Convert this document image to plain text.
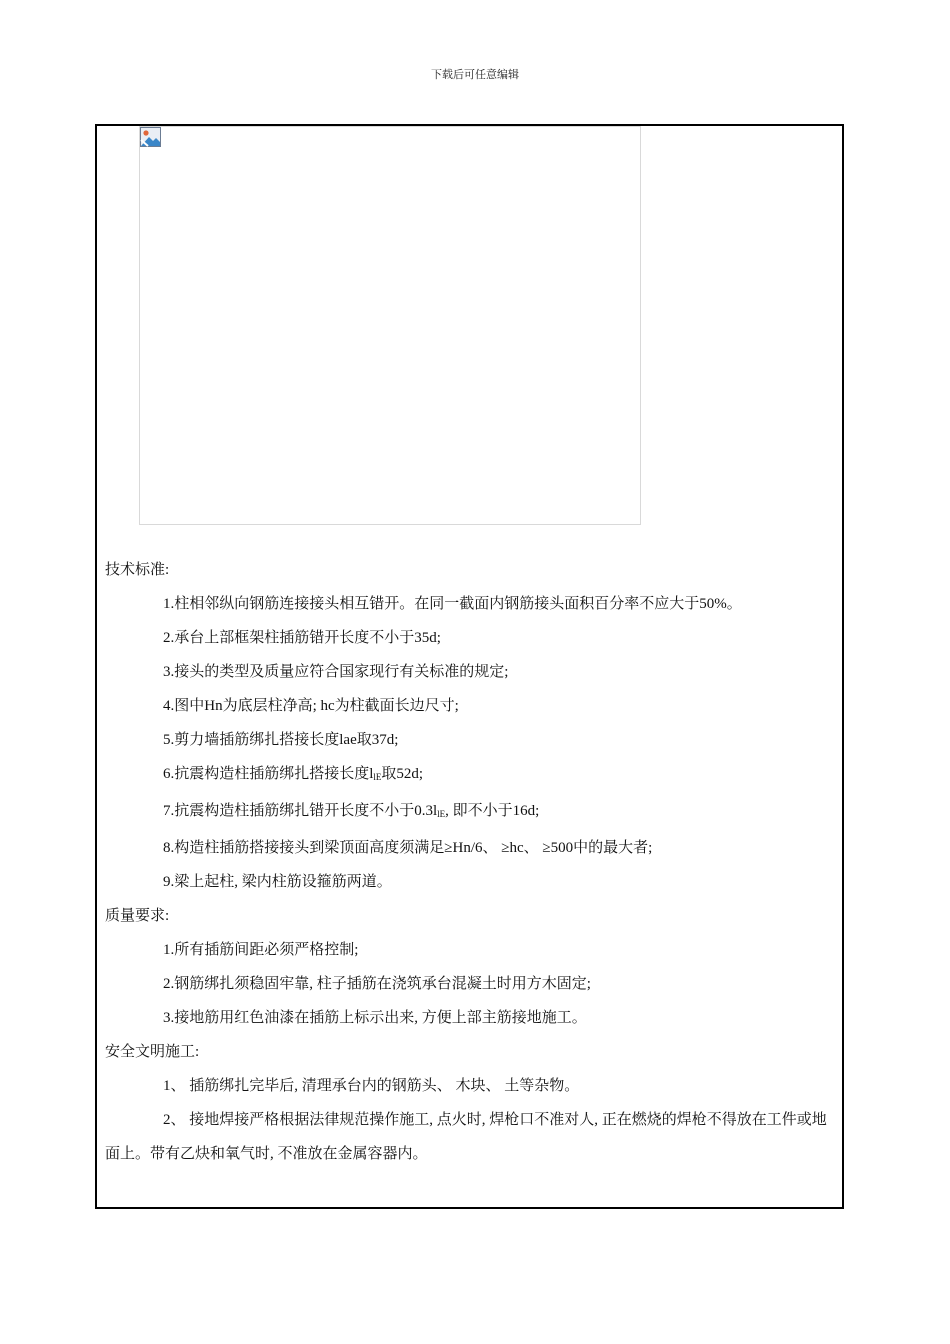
下载后可任意编辑

技术标准:

1.柱相邻纵向钢筋连接接头相互错开。在同一截面内钢筋接头面积百分率不应大于50%。

2.承台上部框架柱插筋错开长度不小于35d;

3.接头的类型及质量应符合国家现行有关标准的规定;

4.图中Hn为底层柱净高; hc为柱截面长边尺寸;

5.剪力墙插筋绑扎搭接长度lae取37d;

6.抗震构造柱插筋绑扎搭接长度$l_{lE}$取52d;

7.抗震构造柱插筋绑扎错开长度不小于$0.3l_{lE}$, 即不小于16d;

8.构造柱插筋搭接接头到梁顶面高度须满足≥Hn/6、 ≥hc、 ≥500中的最大者;

9.梁上起柱, 梁内柱筋设箍筋两道。

质量要求:

1.所有插筋间距必须严格控制;

2.钢筋绑扎须稳固牢靠, 柱子插筋在浇筑承台混凝土时用方木固定;

3.接地筋用红色油漆在插筋上标示出来, 方便上部主筋接地施工。

安全文明施工:

1、 插筋绑扎完毕后, 清理承台内的钢筋头、 木块、 土等杂物。

2、 接地焊接严格根据法律规范操作施工, 点火时, 焊枪口不准对人, 正在燃烧的焊枪不得放在工件或地面上。带有乙炔和氧气时, 不准放在金属容器内。
